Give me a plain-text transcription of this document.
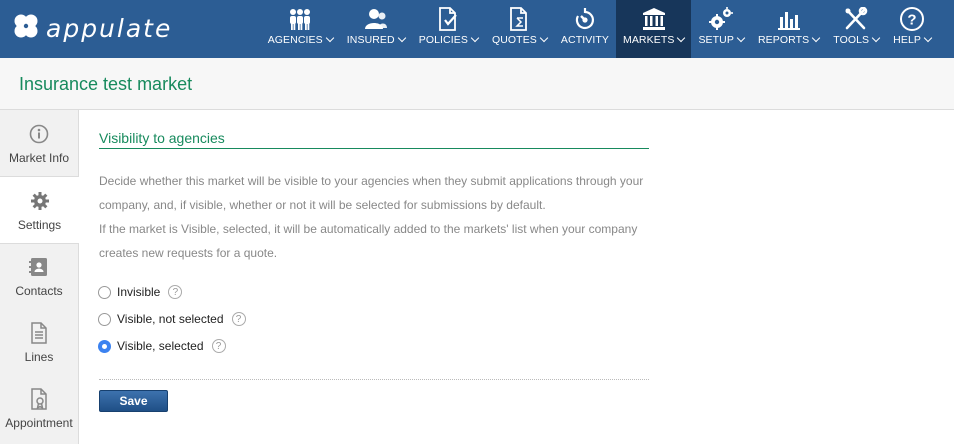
appulate	AGENCIES	INSURED	POLICIES	QUOTES	ACTIVITY MARKETS	SETUP	REPORTS	TOOLS
?
HELP
Insurance test market
Market Info
Settings
Contacts
Lines
Appointment
Visibility to agencies
Decide whether this market will be visible to your agencies when they submit applications through your
company, and, if visible, whether or not it will be selected for submissions by default.
If the market is Visible, selected, it will be automatically added to the markets' list when your company
creates new requests for a quote.
Invisible	?
Visible, not selected	?
Visible, selected	?
Save
